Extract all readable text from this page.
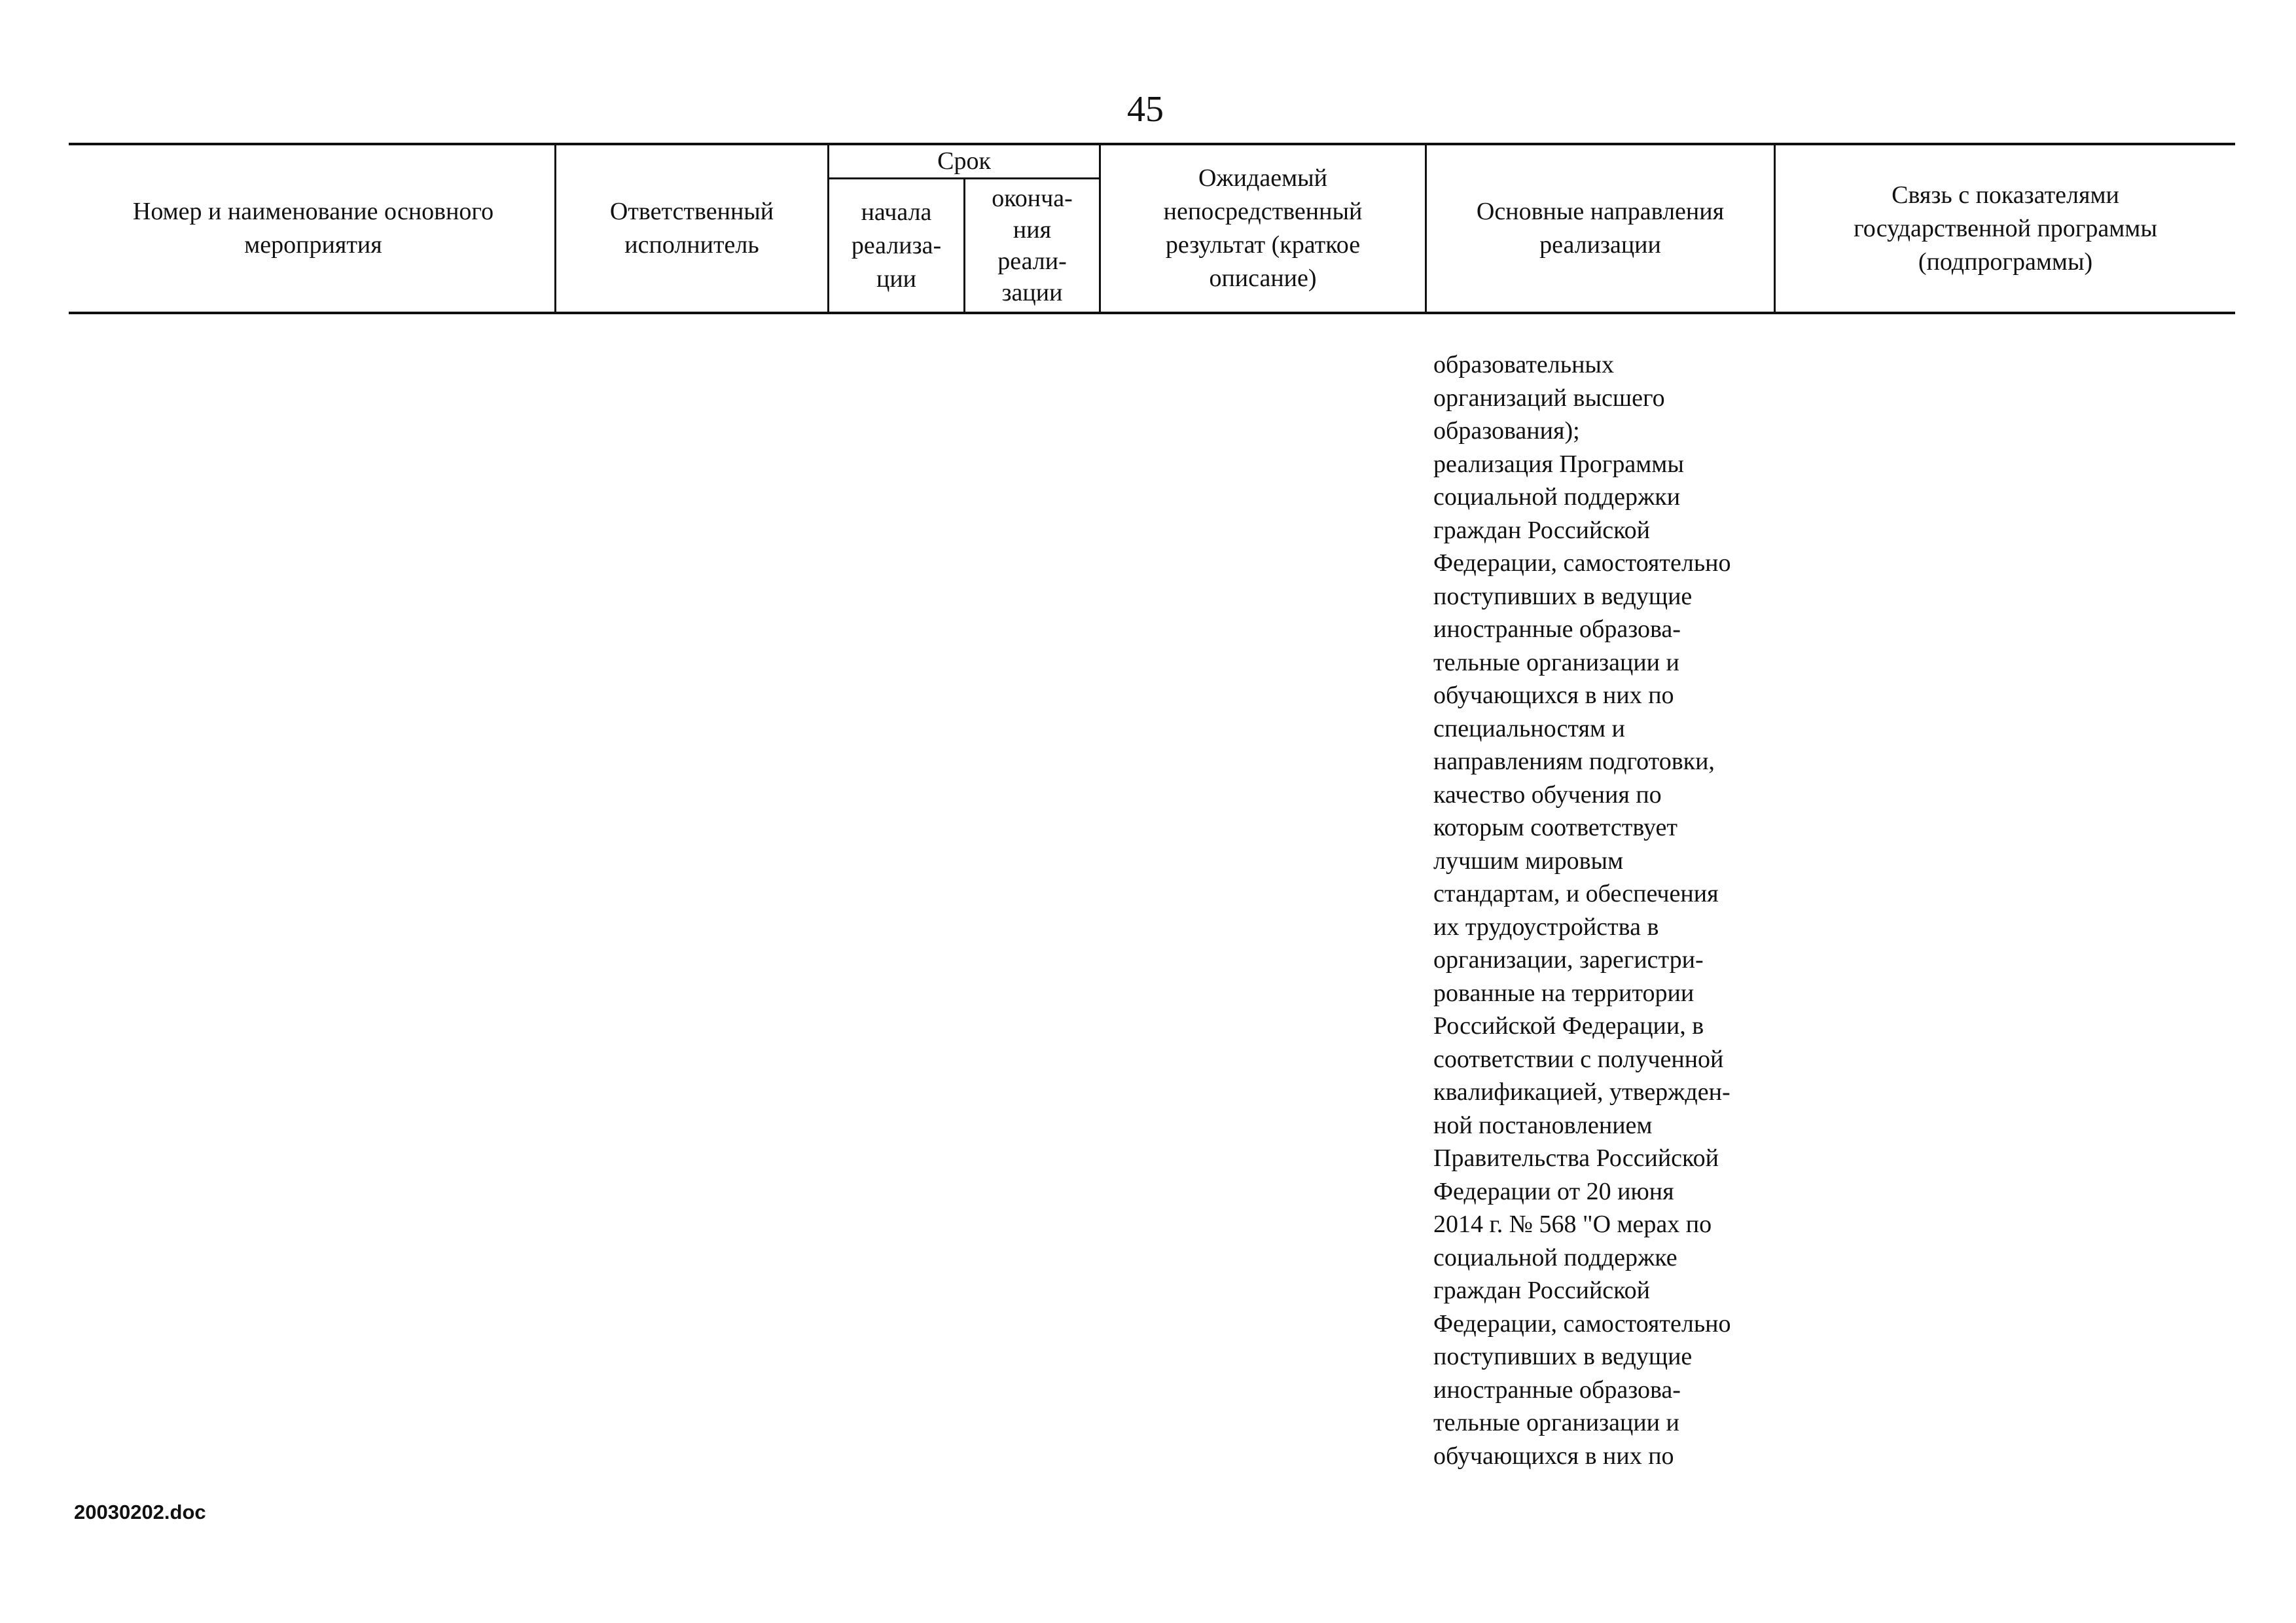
45
Номер и наименование основного
мероприятия
Ответственный
исполнитель
Срок
начала
реализа-
ции
оконча-
ния
реали-
зации
Ожидаемый
непосредственный
результат (краткое
описание)
Основные направления
реализации
Связь с показателями
государственной программы
(подпрограммы)
образовательных
организаций высшего
образования);
реализация Программы
социальной поддержки
граждан Российской
Федерации, самостоятельно
поступивших в ведущие
иностранные образова-
тельные организации и
обучающихся в них по
специальностям и
направлениям подготовки,
качество обучения по
которым соответствует
лучшим мировым
стандартам, и обеспечения
их трудоустройства в
организации, зарегистри-
рованные на территории
Российской Федерации, в
соответствии с полученной
квалификацией, утвержден-
ной постановлением
Правительства Российской
Федерации от 20 июня
2014 г. № 568 "О мерах по
социальной поддержке
граждан Российской
Федерации, самостоятельно
поступивших в ведущие
иностранные образова-
тельные организации и
обучающихся в них по
20030202.doc
